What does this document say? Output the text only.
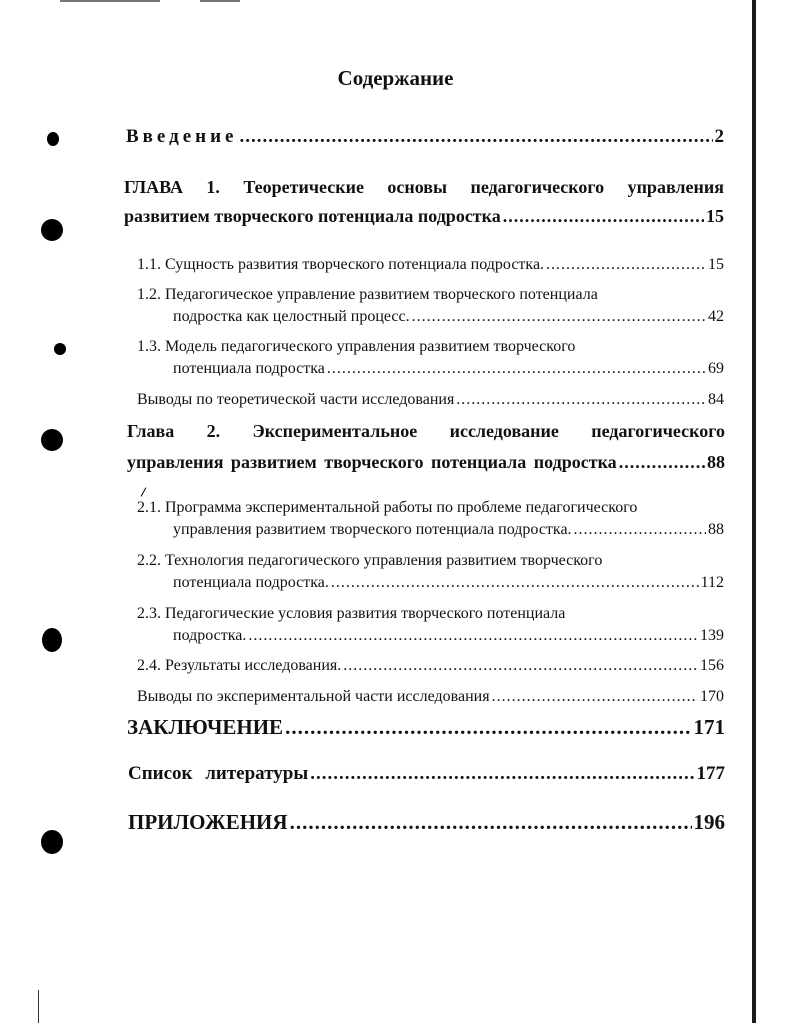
Содержание
Введение .....	2
ГЛАВА 1. Теоретические основы педагогического управления
развитием творческого потенциала подростка .....	15
1.1. Сущность развития творческого потенциала подростка. .....	15
1.2. Педагогическое управление развитием творческого потенциала
подростка как целостный процесс. .....	42
1.3. Модель педагогического управления развитием творческого
потенциала подростка .....	69
Выводы по теоретической части исследования .....	84
Глава 2. Экспериментальное исследование педагогического
управления развитием творческого потенциала подростка .....	88
2.1. Программа экспериментальной работы по проблеме педагогического
управления развитием творческого потенциала подростка. .....	88
2.2. Технология педагогического управления развитием творческого
потенциала подростка. .....	112
2.3. Педагогические условия развития творческого потенциала
подростка. .....	139
2.4. Результаты исследования. .....	156
Выводы по экспериментальной части исследования .....	170
ЗАКЛЮЧЕНИЕ .....	171
Список литературы .....	177
ПРИЛОЖЕНИЯ .....	196
